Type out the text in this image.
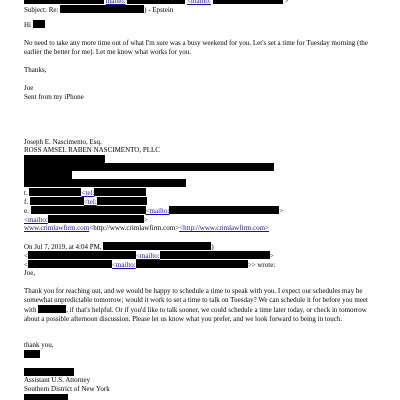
mailto:	<mailto:	>
Subject: Re:	) - Epstein
Hi
No need to take any more time out of what I'm sure was a busy weekend for you. Let's set a time for Tuesday morning (the earlier the better for me). Let me know what works for you.
Thanks,
Joe
Sent from my iPhone
Joseph E. Nascimento, Esq.
ROSS AMSEL RABEN NASCIMENTO, PLLC
t.	<tel:
f.	<tel:
e.	<mailto:	>
<mailto:	>
www.crimlawfirm.com<http://www.crimlawfirm.com><http://www.crimlawfirm.com>
On Jul 7, 2019, at 4:04 PM,	)
<	<mailto:	>
<	<mailto:	>> wrote:
Joe,
Thank you for reaching out, and we would be happy to schedule a time to speak with you. I expect our schedules may be somewhat unpredictable tomorrow; would it work to set a time to talk on Tuesday? We can schedule it for before you meet with	, if that's helpful. Or if you'd like to talk sooner, we could schedule a time later today, or check in tomorrow about a possible afternoon discussion. Please let us know what you prefer, and we look forward to being in touch.
thank you,
Assistant U.S. Attorney
Southern District of New York
